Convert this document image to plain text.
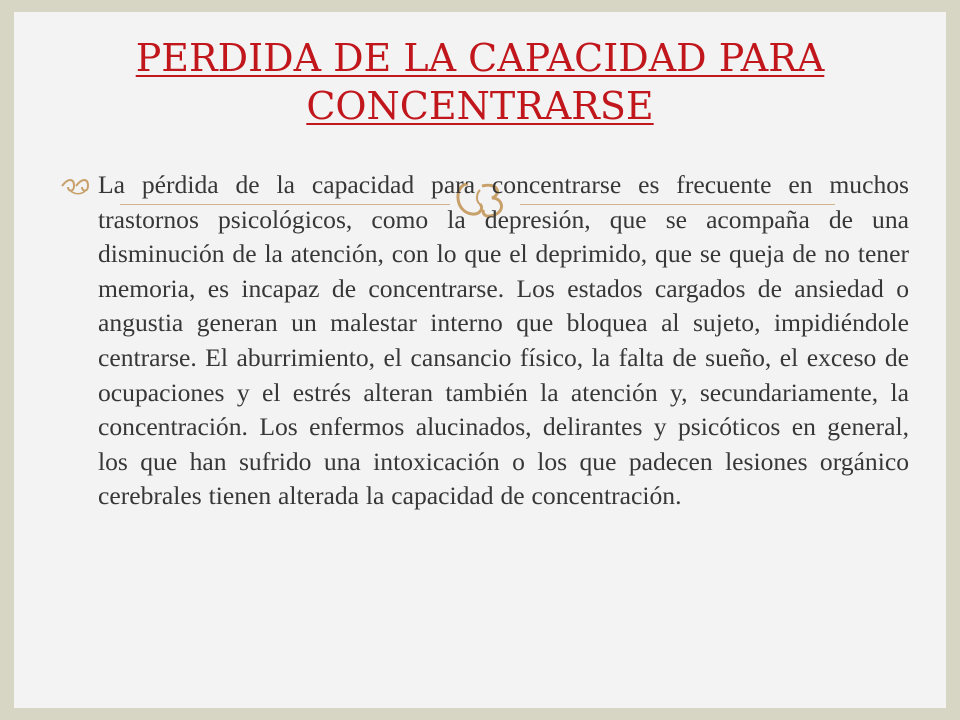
PERDIDA DE LA CAPACIDAD PARA
CONCENTRARSE
La pérdida de la capacidad para concentrarse es frecuente en muchos trastornos psicológicos, como la depresión, que se acompaña de una disminución de la atención, con lo que el deprimido, que se queja de no tener memoria, es incapaz de concentrarse. Los estados cargados de ansiedad o angustia generan un malestar interno que bloquea al sujeto, impidiéndole centrarse. El aburrimiento, el cansancio físico, la falta de sueño, el exceso de ocupaciones y el estrés alteran también la atención y, secundariamente, la concentración. Los enfermos alucinados, delirantes y psicóticos en general, los que han sufrido una intoxicación o los que padecen lesiones orgánico cerebrales tienen alterada la capacidad de concentración.
